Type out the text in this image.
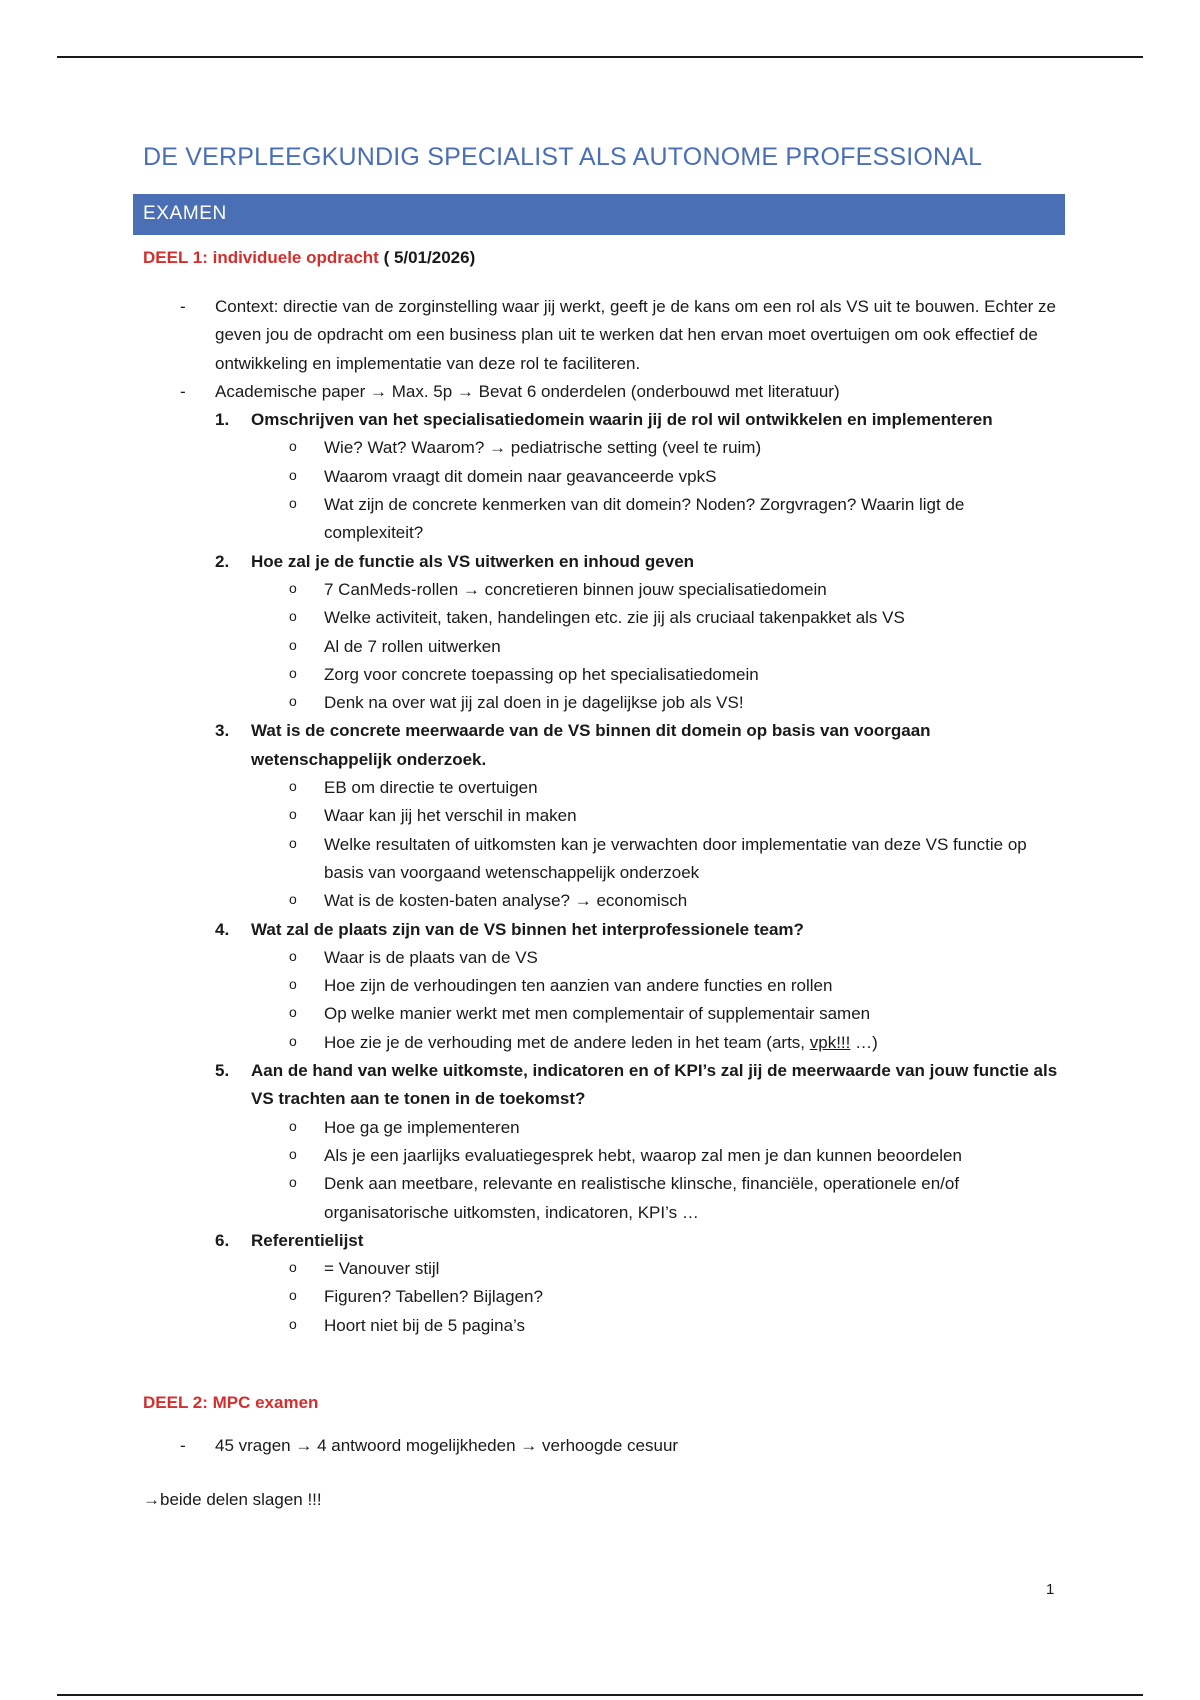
DE VERPLEEGKUNDIG SPECIALIST ALS AUTONOME PROFESSIONAL
EXAMEN
DEEL 1: individuele opdracht ( 5/01/2026)
- Context: directie van de zorginstelling waar jij werkt, geeft je de kans om een rol als VS uit te bouwen. Echter ze geven jou de opdracht om een business plan uit te werken dat hen ervan moet overtuigen om ook effectief de ontwikkeling en implementatie van deze rol te faciliteren.
- Academische paper → Max. 5p → Bevat 6 onderdelen (onderbouwd met literatuur)
1. Omschrijven van het specialisatiedomein waarin jij de rol wil ontwikkelen en implementeren
o Wie? Wat? Waarom? → pediatrische setting (veel te ruim)
o Waarom vraagt dit domein naar geavanceerde vpkS
o Wat zijn de concrete kenmerken van dit domein? Noden? Zorgvragen? Waarin ligt de complexiteit?
2. Hoe zal je de functie als VS uitwerken en inhoud geven
o 7 CanMeds-rollen → concretieren binnen jouw specialisatiedomein
o Welke activiteit, taken, handelingen etc. zie jij als cruciaal takenpakket als VS
o Al de 7 rollen uitwerken
o Zorg voor concrete toepassing op het specialisatiedomein
o Denk na over wat jij zal doen in je dagelijkse job als VS!
3. Wat is de concrete meerwaarde van de VS binnen dit domein op basis van voorgaan wetenschappelijk onderzoek.
o EB om directie te overtuigen
o Waar kan jij het verschil in maken
o Welke resultaten of uitkomsten kan je verwachten door implementatie van deze VS functie op basis van voorgaand wetenschappelijk onderzoek
o Wat is de kosten-baten analyse? → economisch
4. Wat zal de plaats zijn van de VS binnen het interprofessionele team?
o Waar is de plaats van de VS
o Hoe zijn de verhoudingen ten aanzien van andere functies en rollen
o Op welke manier werkt met men complementair of supplementair samen
o Hoe zie je de verhouding met de andere leden in het team (arts, vpk!!! …)
5. Aan de hand van welke uitkomste, indicatoren en of KPI’s zal jij de meerwaarde van jouw functie als VS trachten aan te tonen in de toekomst?
o Hoe ga ge implementeren
o Als je een jaarlijks evaluatiegesprek hebt, waarop zal men je dan kunnen beoordelen
o Denk aan meetbare, relevante en realistische klinsche, financiële, operationele en/of organisatorische uitkomsten, indicatoren, KPI’s …
6. Referentielijst
o = Vanouver stijl
o Figuren? Tabellen? Bijlagen?
o Hoort niet bij de 5 pagina’s
DEEL 2: MPC examen
- 45 vragen → 4 antwoord mogelijkheden → verhoogde cesuur
→beide delen slagen !!!
1
